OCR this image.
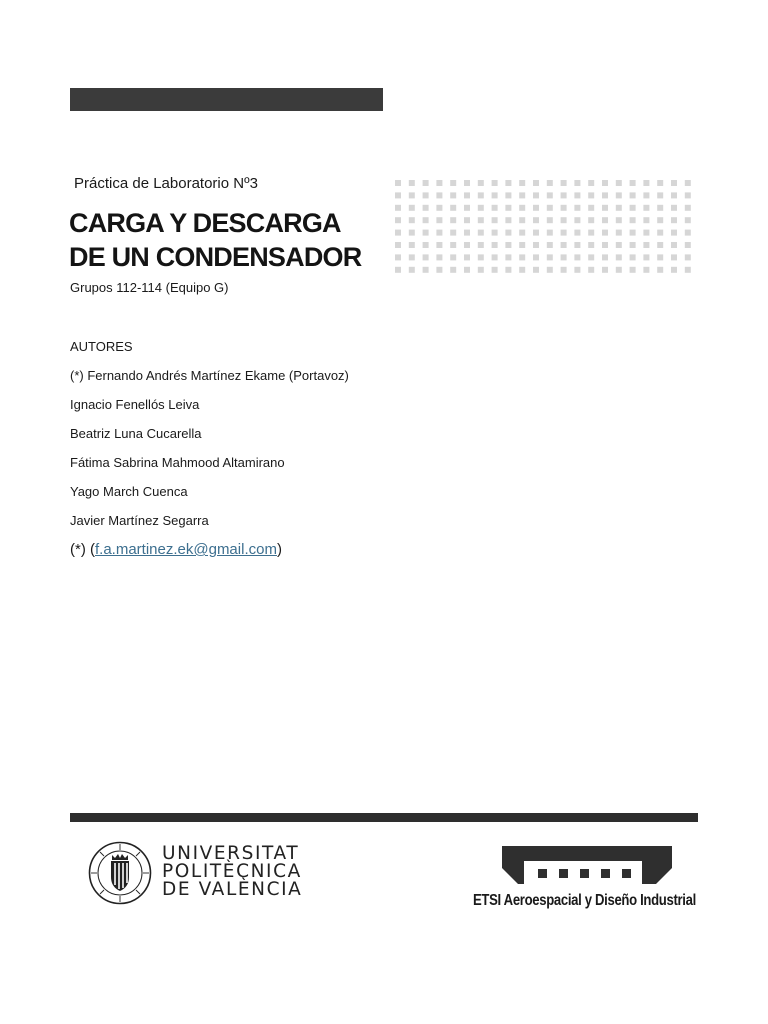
Práctica de Laboratorio Nº3
CARGA Y DESCARGA
DE UN CONDENSADOR
Grupos 112-114 (Equipo G)
AUTORES
(*) Fernando Andrés Martínez Ekame (Portavoz)
Ignacio Fenellós Leiva
Beatriz Luna Cucarella
Fátima Sabrina Mahmood Altamirano
Yago March Cuenca
Javier Martínez Segarra
(*) (f.a.martinez.ek@gmail.com)
UNIVERSITAT
POLITÈCNICA
DE VALÈNCIA
ETSI Aeroespacial y Diseño Industrial
